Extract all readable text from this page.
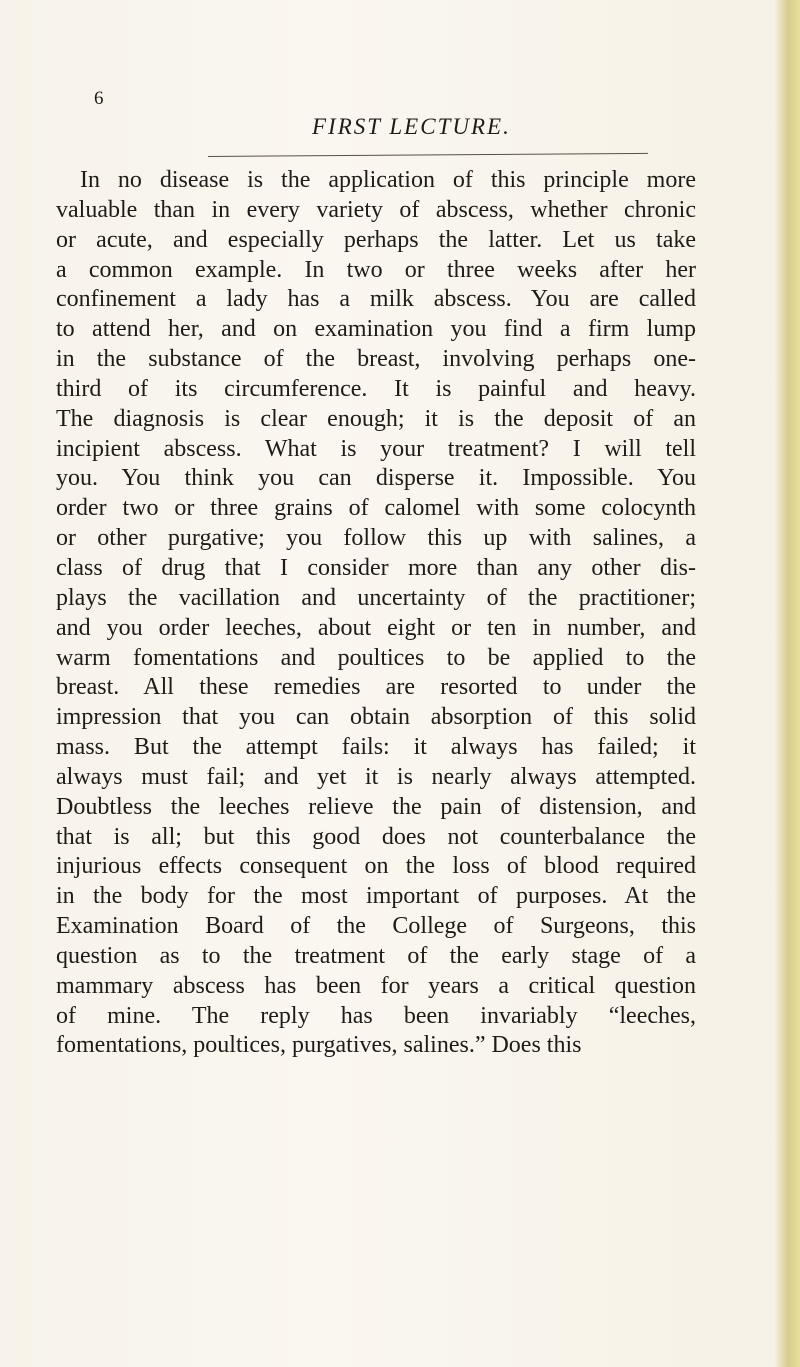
6

FIRST LECTURE.
In no disease is the application of this principle more
valuable than in every variety of abscess, whether chronic
or acute, and especially perhaps the latter. Let us take
a common example. In two or three weeks after her
confinement a lady has a milk abscess. You are called
to attend her, and on examination you find a firm lump
in the substance of the breast, involving perhaps one-
third of its circumference. It is painful and heavy.
The diagnosis is clear enough; it is the deposit of an
incipient abscess. What is your treatment? I will tell
you. You think you can disperse it. Impossible. You
order two or three grains of calomel with some colocynth
or other purgative; you follow this up with salines, a
class of drug that I consider more than any other dis-
plays the vacillation and uncertainty of the practitioner;
and you order leeches, about eight or ten in number, and
warm fomentations and poultices to be applied to the
breast. All these remedies are resorted to under the
impression that you can obtain absorption of this solid
mass. But the attempt fails: it always has failed; it
always must fail; and yet it is nearly always attempted.
Doubtless the leeches relieve the pain of distension, and
that is all; but this good does not counterbalance the
injurious effects consequent on the loss of blood required
in the body for the most important of purposes. At the
Examination Board of the College of Surgeons, this
question as to the treatment of the early stage of a
mammary abscess has been for years a critical question
of mine. The reply has been invariably “leeches,
fomentations, poultices, purgatives, salines.” Does this
